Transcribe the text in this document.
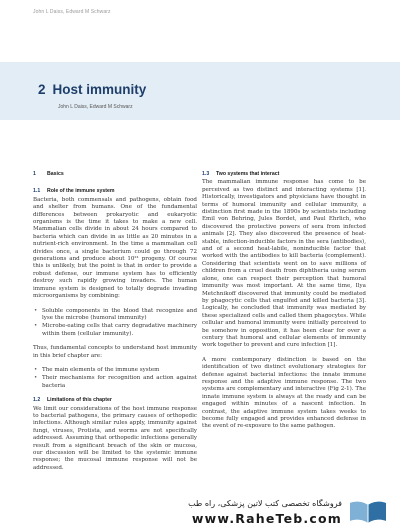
John L Daiss, Edward M Schwarz
2 Host immunity
John L Daiss, Edward M Schwarz
1 Basics
1.1 Role of the immune system

Bacteria, both commensals and pathogens, obtain food and shelter from humans. One of the fundamental differences between prokaryotic and eukaryotic organisms is the time it takes to make a new cell. Mammalian cells divide in about 24 hours compared to bacteria which can divide in as little as 20 minutes in a nutrient-rich environment. In the time a mammalian cell divides once, a single bacterium could go through 72 generations and produce about 10²¹ progeny. Of course this is unlikely, but the point is that in order to provide a robust defense, our immune system has to efficiently destroy such rapidly growing invaders. The human immune system is designed to totally degrade invading microorganisms by combining:

• Soluble components in the blood that recognize and lyse the microbe (humoral immunity)
• Microbe-eating cells that carry degradative machinery within them (cellular immunity).

Thus, fundamental concepts to understand host immunity in this brief chapter are:

• The main elements of the immune system
• Their mechanisms for recognition and action against bacteria
1.2 Limitations of this chapter

We limit our considerations of the host immune response to bacterial pathogens, the primary causes of orthopedic infections. Although similar rules apply, immunity against fungi, viruses, Protista, and worms are not specifically addressed. Assuming that orthopedic infections generally result from a significant breach of the skin or mucosa, our discussion will be limited to the systemic immune response; the mucosal immune response will not be addressed.

1.3 Two systems that interact

The mammalian immune response has come to be perceived as two distinct and interacting systems [1]. Historically, investigators and physicians have thought in terms of humoral immunity and cellular immunity, a distinction first made in the 1890s by scientists including Emil von Behring, Jules Bordet, and Paul Ehrlich, who discovered the protective powers of sera from infected animals [2]. They also discovered the presence of heat-stable, infection-inducible factors in the sera (antibodies), and of a second heat-labile, noninducible factor that worked with the antibodies to kill bacteria (complement). Considering that scientists went on to save millions of children from a cruel death from diphtheria using serum alone, one can respect their perception that humoral immunity was most important. At the same time, Ilya Metchnikoff discovered that immunity could be mediated by phagocytic cells that engulfed and killed bacteria [3]. Logically, he concluded that immunity was mediated by these specialized cells and called them phagocytes. While cellular and humoral immunity were initially perceived to be somehow in opposition, it has been clear for over a century that humoral and cellular elements of immunity work together to prevent and cure infection [1].

A more contemporary distinction is based on the identification of two distinct evolutionary strategies for defense against bacterial infections: the innate immune response and the adaptive immune response. The two systems are complementary and interactive (Fig 2-1). The innate immune system is always at the ready and can be engaged within minutes of a nascent infection. In contrast, the adaptive immune system takes weeks to become fully engaged and provides enhanced defense in the event of re-exposure to the same pathogen.

فروشگاه تخصصی کتب لاتین پزشکی، راه طب
www.RaheTeb.com
